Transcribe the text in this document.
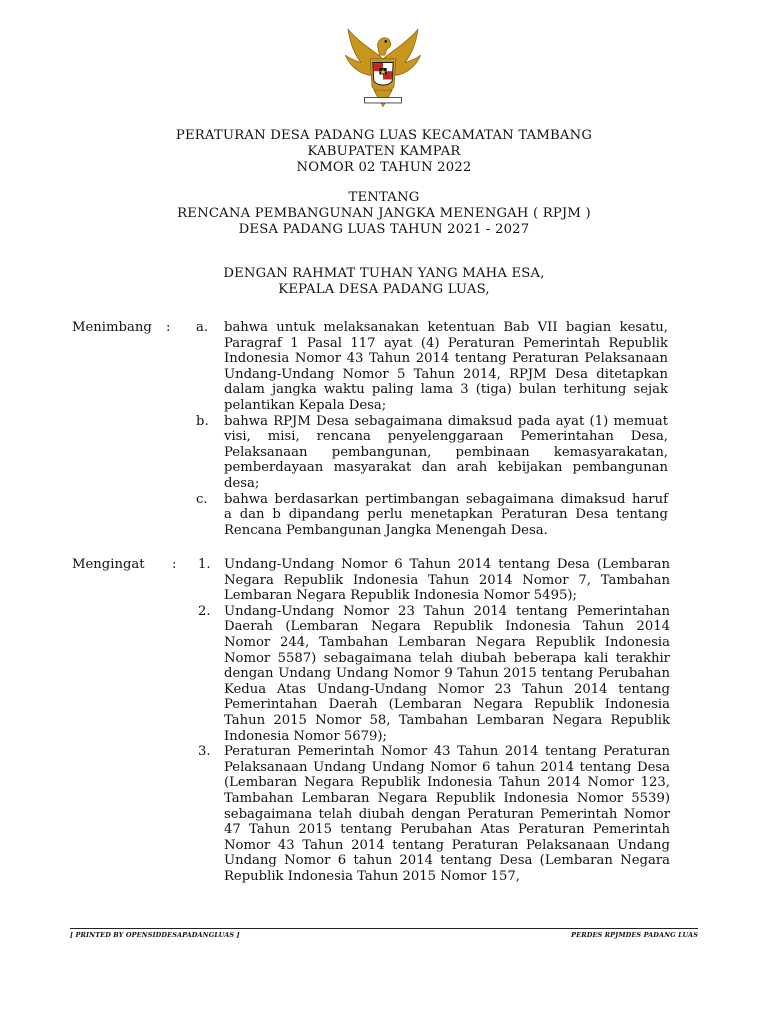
PERATURAN DESA PADANG LUAS KECAMATAN TAMBANG
KABUPATEN KAMPAR
NOMOR 02 TAHUN 2022
TENTANG
RENCANA PEMBANGUNAN JANGKA MENENGAH ( RPJM )
DESA PADANG LUAS TAHUN 2021 - 2027
DENGAN RAHMAT TUHAN YANG MAHA ESA,
KEPALA DESA PADANG LUAS,
Menimbang : a. bahwa untuk melaksanakan ketentuan Bab VII bagian kesatu, Paragraf 1 Pasal 117 ayat (4) Peraturan Pemerintah Republik Indonesia Nomor 43 Tahun 2014 tentang Peraturan Pelaksanaan Undang-Undang Nomor 5 Tahun 2014, RPJM Desa ditetapkan dalam jangka waktu paling lama 3 (tiga) bulan terhitung sejak pelantikan Kepala Desa;
b. bahwa RPJM Desa sebagaimana dimaksud pada ayat (1) memuat visi, misi, rencana penyelenggaraan Pemerintahan Desa, Pelaksanaan pembangunan, pembinaan kemasyarakatan, pemberdayaan masyarakat dan arah kebijakan pembangunan desa;
c. bahwa berdasarkan pertimbangan sebagaimana dimaksud haruf a dan b dipandang perlu menetapkan Peraturan Desa tentang Rencana Pembangunan Jangka Menengah Desa.
Mengingat : 1. Undang-Undang Nomor 6 Tahun 2014 tentang Desa (Lembaran Negara Republik Indonesia Tahun 2014 Nomor 7, Tambahan Lembaran Negara Republik Indonesia Nomor 5495);
2. Undang-Undang Nomor 23 Tahun 2014 tentang Pemerintahan Daerah (Lembaran Negara Republik Indonesia Tahun 2014 Nomor 244, Tambahan Lembaran Negara Republik Indonesia Nomor 5587) sebagaimana telah diubah beberapa kali terakhir dengan Undang Undang Nomor 9 Tahun 2015 tentang Perubahan Kedua Atas Undang-Undang Nomor 23 Tahun 2014 tentang Pemerintahan Daerah (Lembaran Negara Republik Indonesia Tahun 2015 Nomor 58, Tambahan Lembaran Negara Republik Indonesia Nomor 5679);
3. Peraturan Pemerintah Nomor 43 Tahun 2014 tentang Peraturan Pelaksanaan Undang Undang Nomor 6 tahun 2014 tentang Desa (Lembaran Negara Republik Indonesia Tahun 2014 Nomor 123, Tambahan Lembaran Negara Republik Indonesia Nomor 5539) sebagaimana telah diubah dengan Peraturan Pemerintah Nomor 47 Tahun 2015 tentang Perubahan Atas Peraturan Pemerintah Nomor 43 Tahun 2014 tentang Peraturan Pelaksanaan Undang Undang Nomor 6 tahun 2014 tentang Desa (Lembaran Negara Republik Indonesia Tahun 2015 Nomor 157,
[ PRINTED BY OPENSIDDESAPADANGLUAS ]	PERDES RPJMDES PADANG LUAS
